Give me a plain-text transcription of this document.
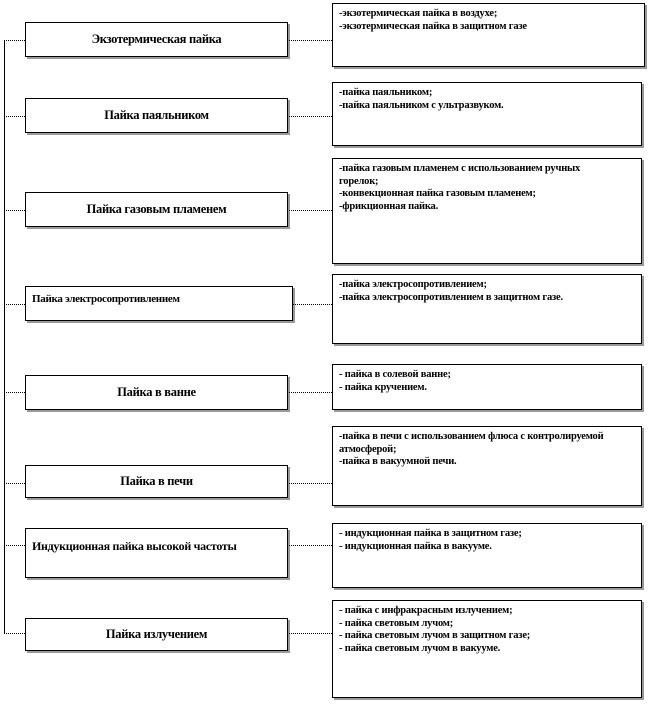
Экзотермическая пайка
-экзотермическая пайка в воздухе;
-экзотермическая пайка в защитном газе
Пайка паяльником
-пайка паяльником;
-пайка паяльником с ультразвуком.
Пайка газовым пламенем
-пайка газовым пламенем с использованием ручных горелок;
-конвекционная пайка газовым пламенем;
-фрикционная пайка.
Пайка электросопротивлением
-пайка электросопротивлением;
-пайка электросопротивлением в защитном газе.
Пайка в ванне
- пайка в солевой ванне;
- пайка кручением.
Пайка в печи
-пайка в печи с использованием флюса с контролируемой
атмосферой;
-пайка в вакуумной печи.
Индукционная пайка высокой частоты
- индукционная пайка в защитном газе;
- индукционная пайка в вакууме.
Пайка излучением
- пайка с инфракрасным излучением;
- пайка световым лучом;
- пайка световым лучом в защитном газе;
- пайка световым лучом в вакууме.
